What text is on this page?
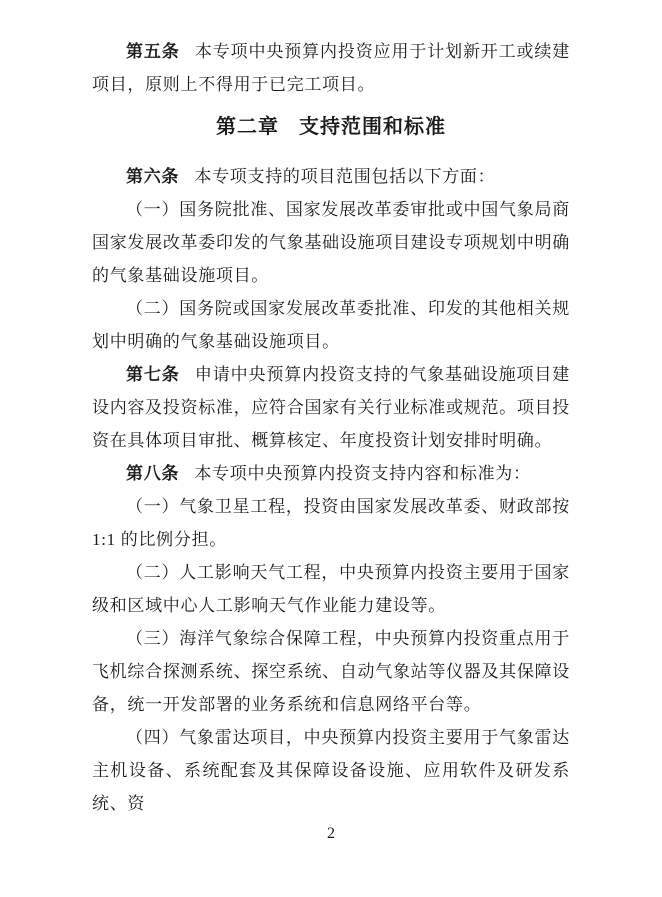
第五条 本专项中央预算内投资应用于计划新开工或续建项目，原则上不得用于已完工项目。

第二章 支持范围和标准

第六条 本专项支持的项目范围包括以下方面：

（一）国务院批准、国家发展改革委审批或中国气象局商国家发展改革委印发的气象基础设施项目建设专项规划中明确的气象基础设施项目。

（二）国务院或国家发展改革委批准、印发的其他相关规划中明确的气象基础设施项目。

第七条 申请中央预算内投资支持的气象基础设施项目建设内容及投资标准，应符合国家有关行业标准或规范。项目投资在具体项目审批、概算核定、年度投资计划安排时明确。

第八条 本专项中央预算内投资支持内容和标准为：

（一）气象卫星工程，投资由国家发展改革委、财政部按1:1 的比例分担。

（二）人工影响天气工程，中央预算内投资主要用于国家级和区域中心人工影响天气作业能力建设等。

（三）海洋气象综合保障工程，中央预算内投资重点用于飞机综合探测系统、探空系统、自动气象站等仪器及其保障设备，统一开发部署的业务系统和信息网络平台等。

（四）气象雷达项目，中央预算内投资主要用于气象雷达主机设备、系统配套及其保障设备设施、应用软件及研发系统、资

2
